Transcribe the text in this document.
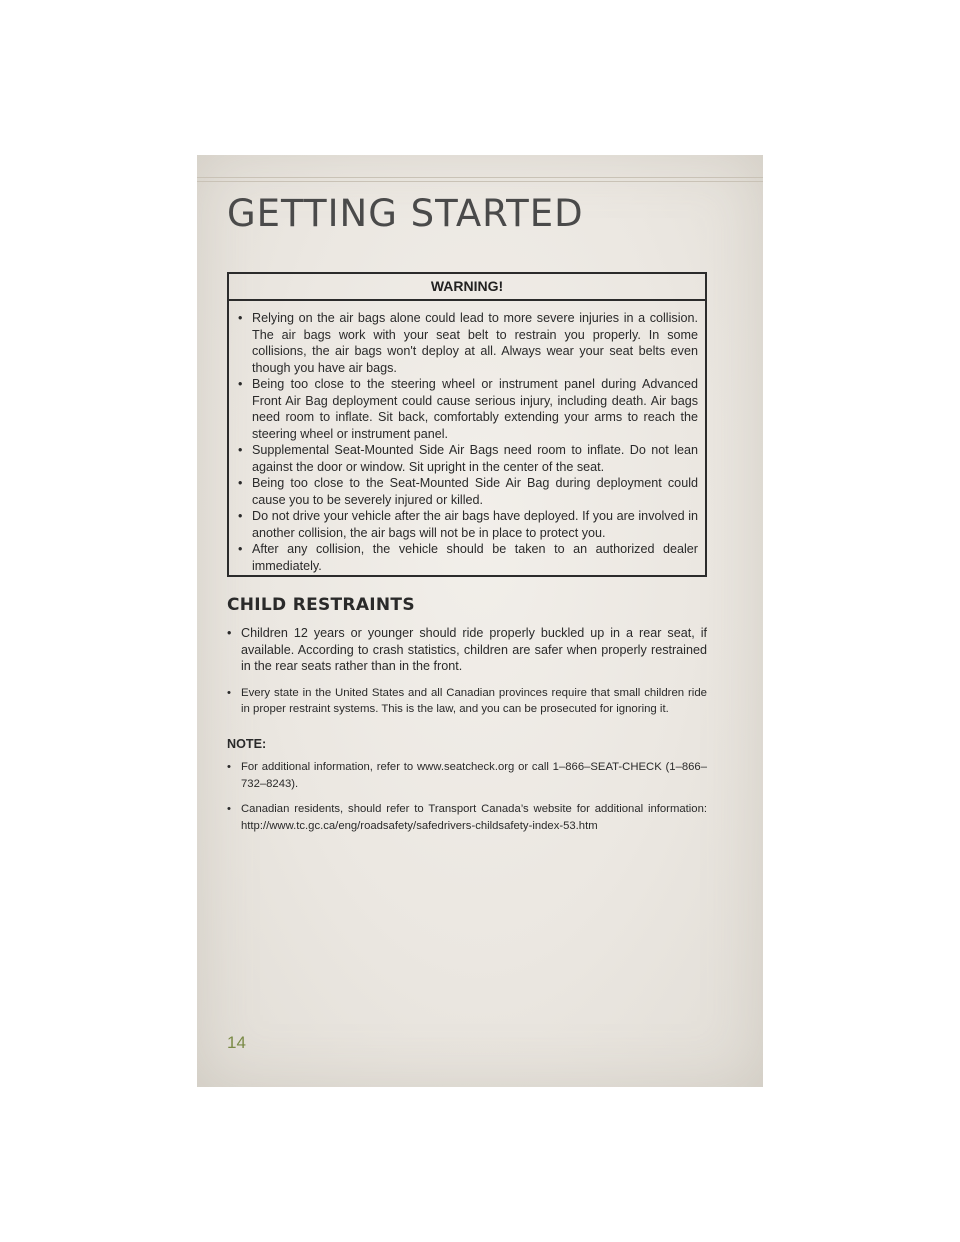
GETTING STARTED
WARNING!
• Relying on the air bags alone could lead to more severe injuries in a collision. The air bags work with your seat belt to restrain you properly. In some collisions, the air bags won't deploy at all. Always wear your seat belts even though you have air bags.
• Being too close to the steering wheel or instrument panel during Advanced Front Air Bag deployment could cause serious injury, including death. Air bags need room to inflate. Sit back, comfortably extending your arms to reach the steering wheel or instrument panel.
• Supplemental Seat-Mounted Side Air Bags need room to inflate. Do not lean against the door or window. Sit upright in the center of the seat.
• Being too close to the Seat-Mounted Side Air Bag during deployment could cause you to be severely injured or killed.
• Do not drive your vehicle after the air bags have deployed. If you are involved in another collision, the air bags will not be in place to protect you.
• After any collision, the vehicle should be taken to an authorized dealer immediately.
CHILD RESTRAINTS
• Children 12 years or younger should ride properly buckled up in a rear seat, if available. According to crash statistics, children are safer when properly restrained in the rear seats rather than in the front.
• Every state in the United States and all Canadian provinces require that small children ride in proper restraint systems. This is the law, and you can be prosecuted for ignoring it.
NOTE:
• For additional information, refer to www.seatcheck.org or call 1–866–SEAT-CHECK (1–866–732–8243).
• Canadian residents, should refer to Transport Canada’s website for additional information: http://www.tc.gc.ca/eng/roadsafety/safedrivers-childsafety-index-53.htm
14
